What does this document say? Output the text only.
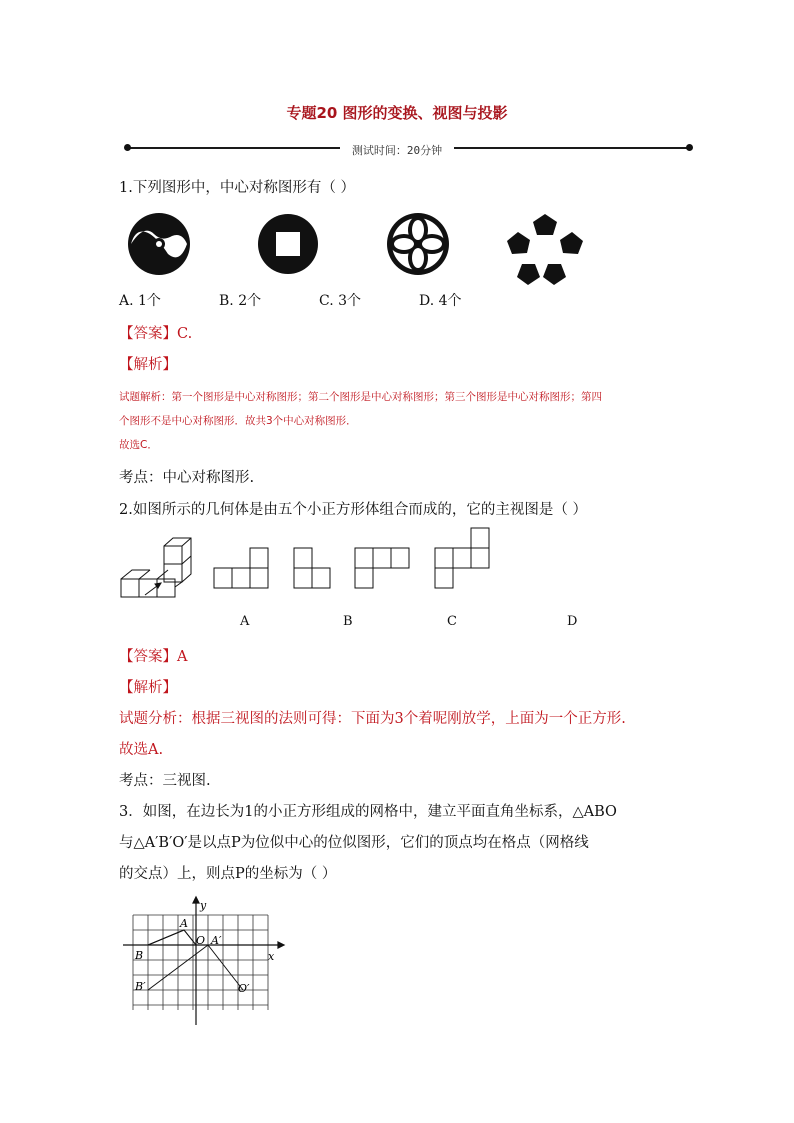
专题20 图形的变换、视图与投影
测试时间：20分钟
1.下列图形中，中心对称图形有（ ）
A. 1个	B. 2个	C. 3个	D. 4个
【答案】C.
【解析】
试题解析：第一个图形是中心对称图形；第二个图形是中心对称图形；第三个图形是中心对称图形；第四
个图形不是中心对称图形．故共3个中心对称图形．
故选C．
考点：中心对称图形.
2.如图所示的几何体是由五个小正方形体组合而成的，它的主视图是（ ）
A	B	C	D
【答案】A
【解析】
试题分析：根据三视图的法则可得：下面为3个着呢刚放学，上面为一个正方形.
故选A.
考点：三视图.
3．如图，在边长为1的小正方形组成的网格中，建立平面直角坐标系，△ABO
与△A′B′O′是以点P为位似中心的位似图形，它们的顶点均在格点（网格线
的交点）上，则点P的坐标为（ ）
y
x
A
O A′
B
B′	O′
